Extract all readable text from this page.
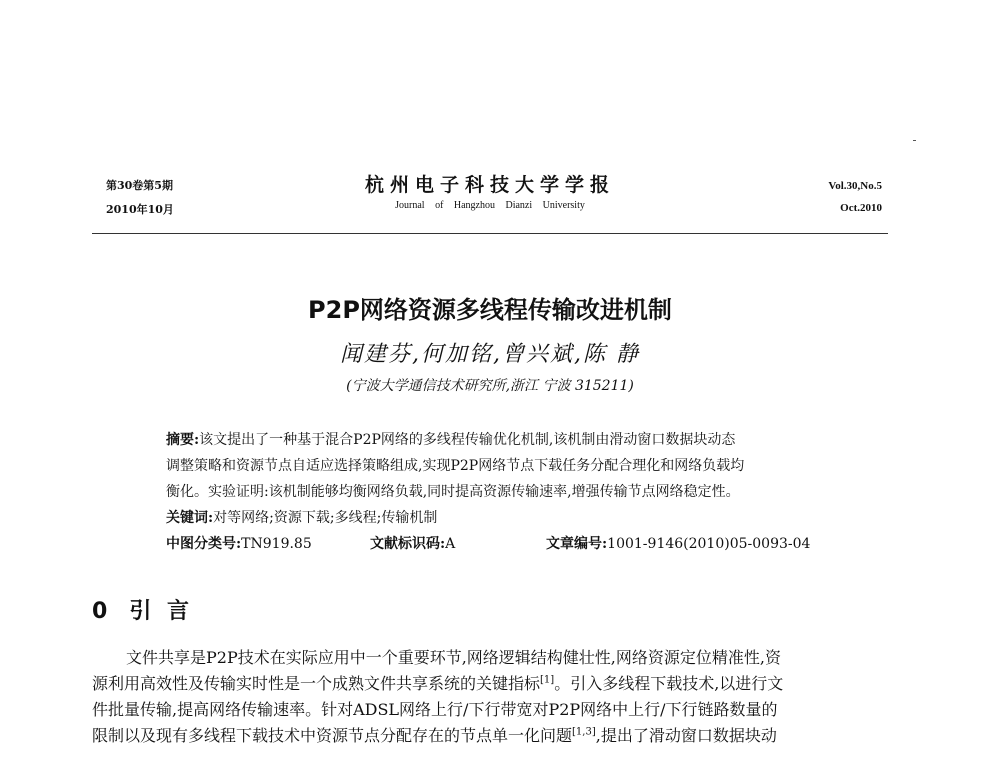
第30卷第5期
2010年10月
杭州电子科技大学学报
Journal of Hangzhou Dianzi University
Vol.30,No.5
Oct.2010
P2P网络资源多线程传输改进机制
闻建芬,何加铭,曾兴斌,陈 静
(宁波大学通信技术研究所,浙江 宁波 315211)
摘要:该文提出了一种基于混合P2P网络的多线程传输优化机制,该机制由滑动窗口数据块动态
调整策略和资源节点自适应选择策略组成,实现P2P网络节点下载任务分配合理化和网络负载均
衡化。实验证明:该机制能够均衡网络负载,同时提高资源传输速率,增强传输节点网络稳定性。
关键词:对等网络;资源下载;多线程;传输机制
中图分类号:TN919.85	文献标识码:A	文章编号:1001-9146(2010)05-0093-04
0 引 言
文件共享是P2P技术在实际应用中一个重要环节,网络逻辑结构健壮性,网络资源定位精准性,资
源利用高效性及传输实时性是一个成熟文件共享系统的关键指标[1]。引入多线程下载技术,以进行文
件批量传输,提高网络传输速率。针对ADSL网络上行/下行带宽对P2P网络中上行/下行链路数量的
限制以及现有多线程下载技术中资源节点分配存在的节点单一化问题[1,3],提出了滑动窗口数据块动
